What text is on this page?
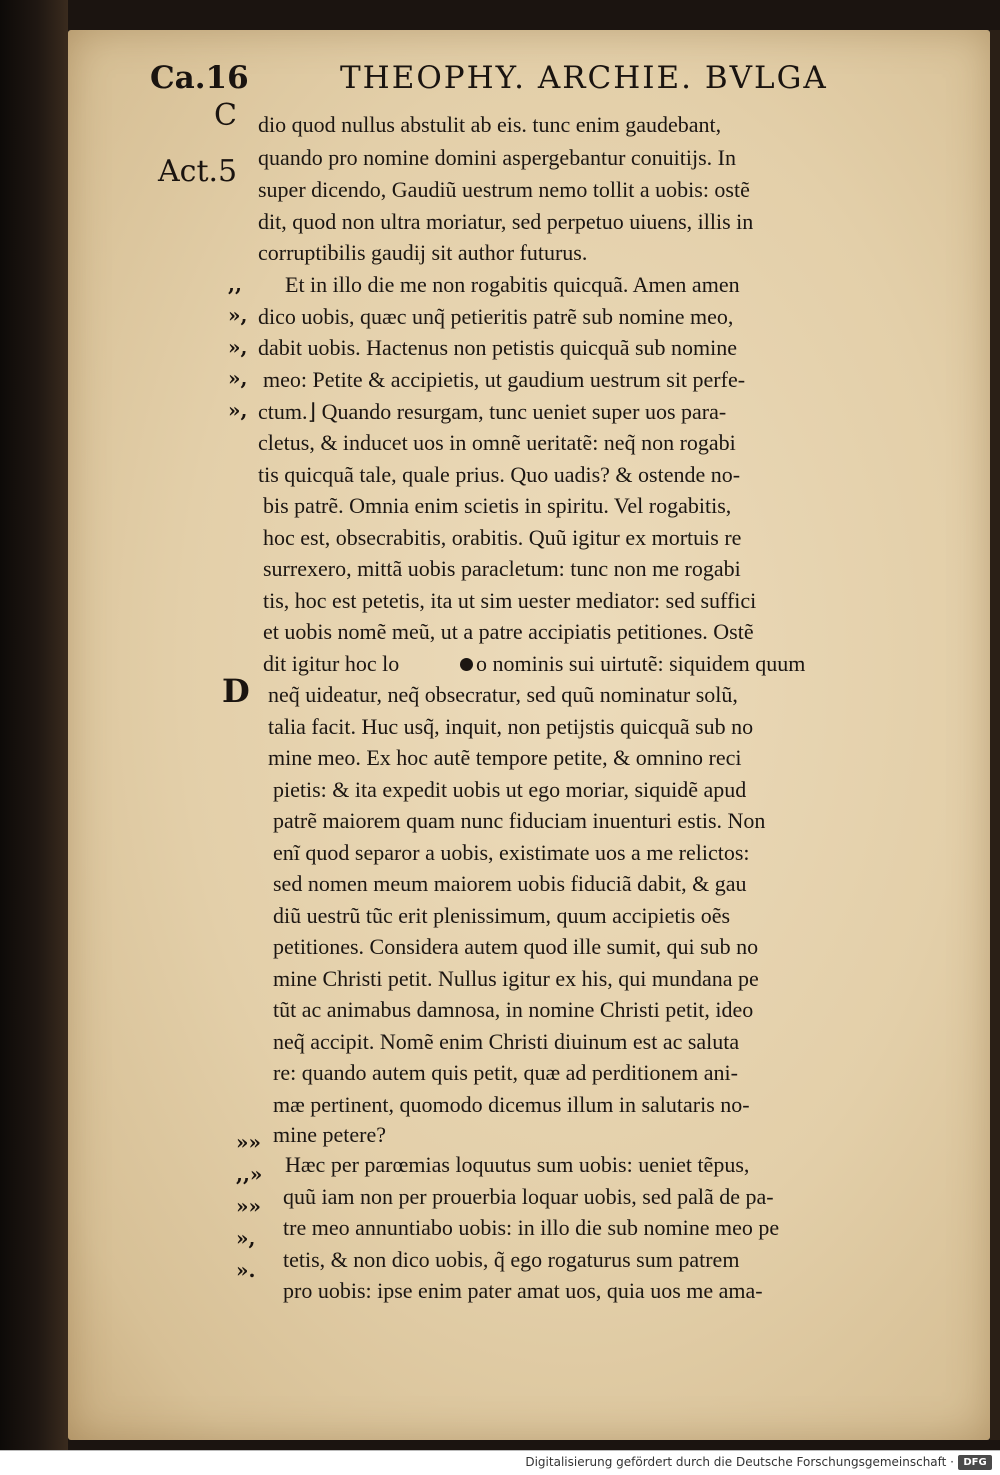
Ca.16	THEOPHY. ARCHIE. BVLGA
C
Act.5
D
,,
»,
»,
»,
»,
»»
,,»
»»
»,
».
dio quod nullus abstulit ab eis. tunc enim gaudebant,
quando pro nomine domini aspergebantur conuitijs. In
super dicendo, Gaudiũ uestrum nemo tollit a uobis: ostẽ
dit, quod non ultra moriatur, sed perpetuo uiuens, illis in
corruptibilis gaudij sit author futurus.
Et in illo die me non rogabitis quicquã. Amen amen
dico uobis, quæc unq̃ petieritis patrẽ sub nomine meo,
dabit uobis. Hactenus non petistis quicquã sub nomine
meo: Petite & accipietis, ut gaudium uestrum sit perfe-
ctum.⌋ Quando resurgam, tunc ueniet super uos para-
cletus, & inducet uos in omnẽ ueritatẽ: neq̃ non rogabi
tis quicquã tale, quale prius. Quo uadis? & ostende no-
bis patrẽ. Omnia enim scietis in spiritu. Vel rogabitis,
hoc est, obsecrabitis, orabitis. Quũ igitur ex mortuis re
surrexero, mittã uobis paracletum: tunc non me rogabi
tis, hoc est petetis, ita ut sim uester mediator: sed suffici
et uobis nomẽ meũ, ut a patre accipiatis petitiones. Ostẽ
dit igitur hoc lo
neq̃ uideatur, neq̃ obsecratur, sed quũ nominatur solũ,
talia facit. Huc usq̃, inquit, non petijstis quicquã sub no
mine meo. Ex hoc autẽ tempore petite, & omnino reci
pietis: & ita expedit uobis ut ego moriar, siquidẽ apud
patrẽ maiorem quam nunc fiduciam inuenturi estis. Non
enĩ quod separor a uobis, existimate uos a me relictos:
sed nomen meum maiorem uobis fiduciã dabit, & gau
diũ uestrũ tũc erit plenissimum, quum accipietis oẽs
petitiones. Considera autem quod ille sumit, qui sub no
mine Christi petit. Nullus igitur ex his, qui mundana pe
tũt ac animabus damnosa, in nomine Christi petit, ideo
neq̃ accipit. Nomẽ enim Christi diuinum est ac saluta
re: quando autem quis petit, quæ ad perditionem ani-
mæ pertinent, quomodo dicemus illum in salutaris no-
mine petere?
Hæc per parœmias loquutus sum uobis: ueniet tẽpus,
quũ iam non per prouerbia loquar uobis, sed palã de pa-
tre meo annuntiabo uobis: in illo die sub nomine meo pe
tetis, & non dico uobis, q̃ ego rogaturus sum patrem
pro uobis: ipse enim pater amat uos, quia uos me ama-
o nominis sui uirtutẽ: siquidem quum
Digitalisierung gefördert durch die Deutsche Forschungsgemeinschaft · DFG
